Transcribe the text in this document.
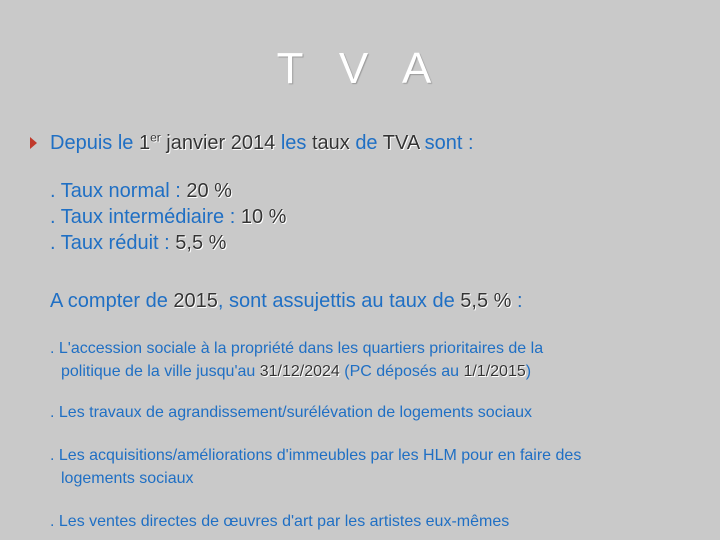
T V A
Depuis le 1er janvier 2014 les taux de TVA sont :
. Taux normal : 20 %
. Taux intermédiaire : 10 %
. Taux réduit : 5,5 %
A compter de 2015, sont assujettis au taux de 5,5 % :
. L'accession sociale à la propriété dans les quartiers prioritaires de la
politique de la ville jusqu'au 31/12/2024 (PC déposés au 1/1/2015)
. Les travaux de agrandissement/surélévation de logements sociaux
. Les acquisitions/améliorations d'immeubles par les HLM pour en faire des
logements sociaux
. Les ventes directes de œuvres d'art par les artistes eux-mêmes
